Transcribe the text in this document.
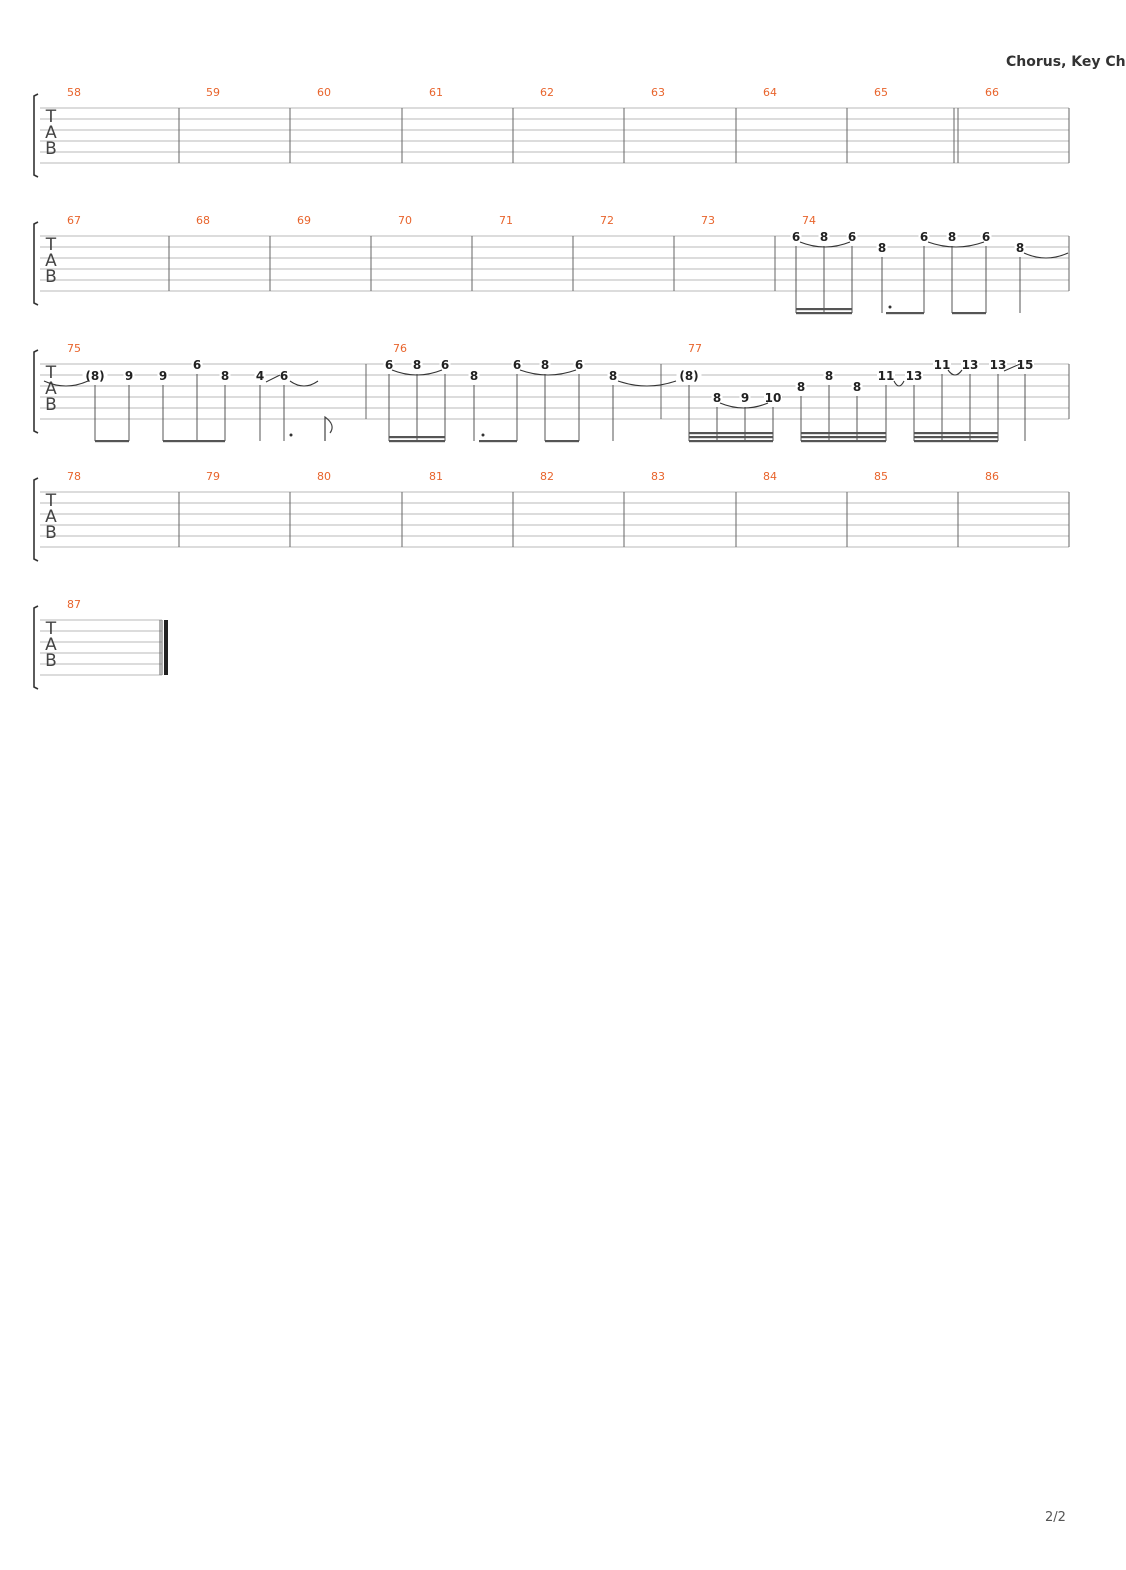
Chorus, Key Ch
2/2
T
A
B
58	59	60	61	62	63	64	65	66
T
A
B
67	68	69	70	71	72	73	74
6 8 6
8
6 8 6
8
T
A
B
75
(8) 9 9
6
8 4 6
76
6 8 6
8
6 8 6
8
77
(8)
8 9 10
8
8
8
11 13
11 13 13 15
T
A
B
78	79	80	81	82	83	84	85	86
T
A
B
87
